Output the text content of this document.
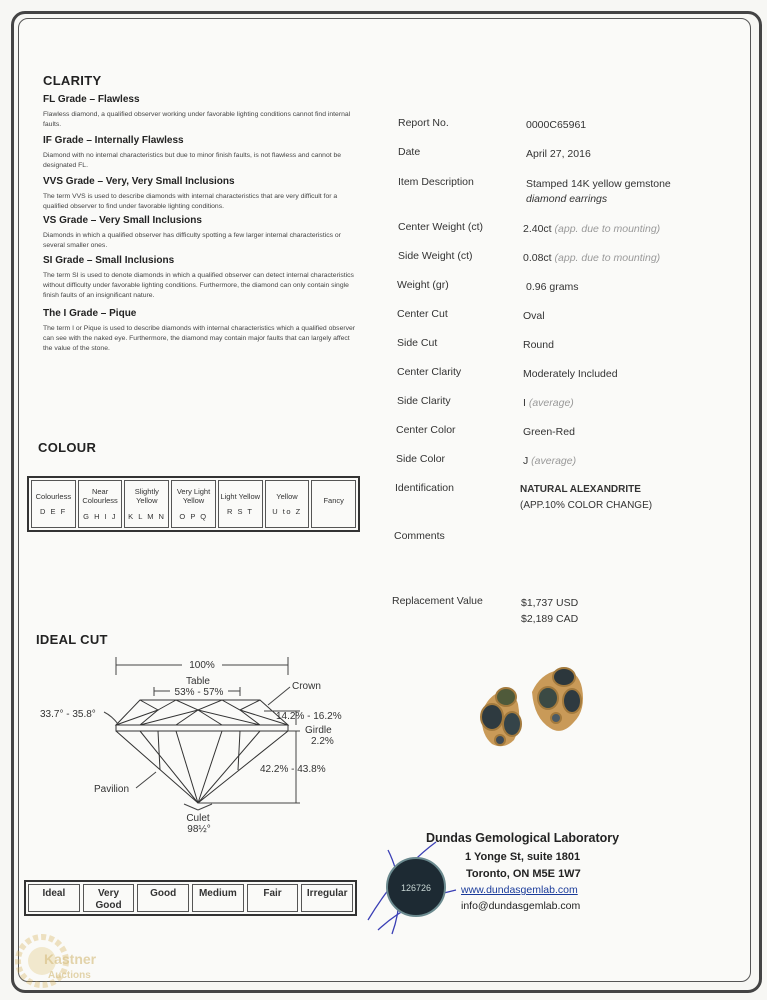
CLARITY
FL Grade – Flawless
Flawless diamond, a qualified observer working under favorable lighting conditions cannot find internal faults.
IF Grade – Internally Flawless
Diamond with no internal characteristics but due to minor finish faults, is not flawless and cannot be designated FL.
VVS Grade – Very, Very Small Inclusions
The term VVS is used to describe diamonds with internal characteristics that are very difficult for a qualified observer to find under favorable lighting conditions.
VS Grade – Very Small Inclusions
Diamonds in which a qualified observer has difficulty spotting a few larger internal characteristics or several smaller ones.
SI Grade – Small Inclusions
The term SI is used to denote diamonds in which a qualified observer can detect internal characteristics without difficulty under favorable lighting conditions. Furthermore, the diamond can only contain single finish faults of an insignificant nature.
The I Grade – Pique
The term I or Pique is used to describe diamonds with internal characteristics which a qualified observer can see with the naked eye. Furthermore, the diamond may contain major faults that can largely affect the value of the stone.
COLOUR
Colourless
D E F
Near Colourless
G H I J
Slightly Yellow
K L M N
Very Light Yellow
O P Q
Light Yellow
R S T
Yellow
U to Z
Fancy
IDEAL CUT
100%
Table
53% - 57%
Crown
33.7° - 35.8°	14.2% - 16.2%
Girdle
2.2%
42.2% - 43.8%
Pavilion
Culet
98½°
Ideal	Very Good
Good	Medium	Fair	Irregular
Report No.	0000C65961
Date	April 27, 2016
Item Description	Stamped 14K yellow gemstone
diamond earrings
Center Weight (ct)	2.40ct (app. due to mounting)
Side Weight (ct)	0.08ct (app. due to mounting)
Weight (gr)	0.96 grams
Center Cut	Oval
Side Cut	Round
Center Clarity	Moderately Included
Side Clarity	I (average)
Center Color	Green-Red
Side Color	J (average)
Identification	NATURAL ALEXANDRITE
(APP.10% COLOR CHANGE)
Comments
Replacement Value	$1,737 USD
$2,189 CAD
126726
Dundas Gemological Laboratory
1 Yonge St, suite 1801
Toronto, ON M5E 1W7
www.dundasgemlab.com
info@dundasgemlab.com
Kastner
Auctions
